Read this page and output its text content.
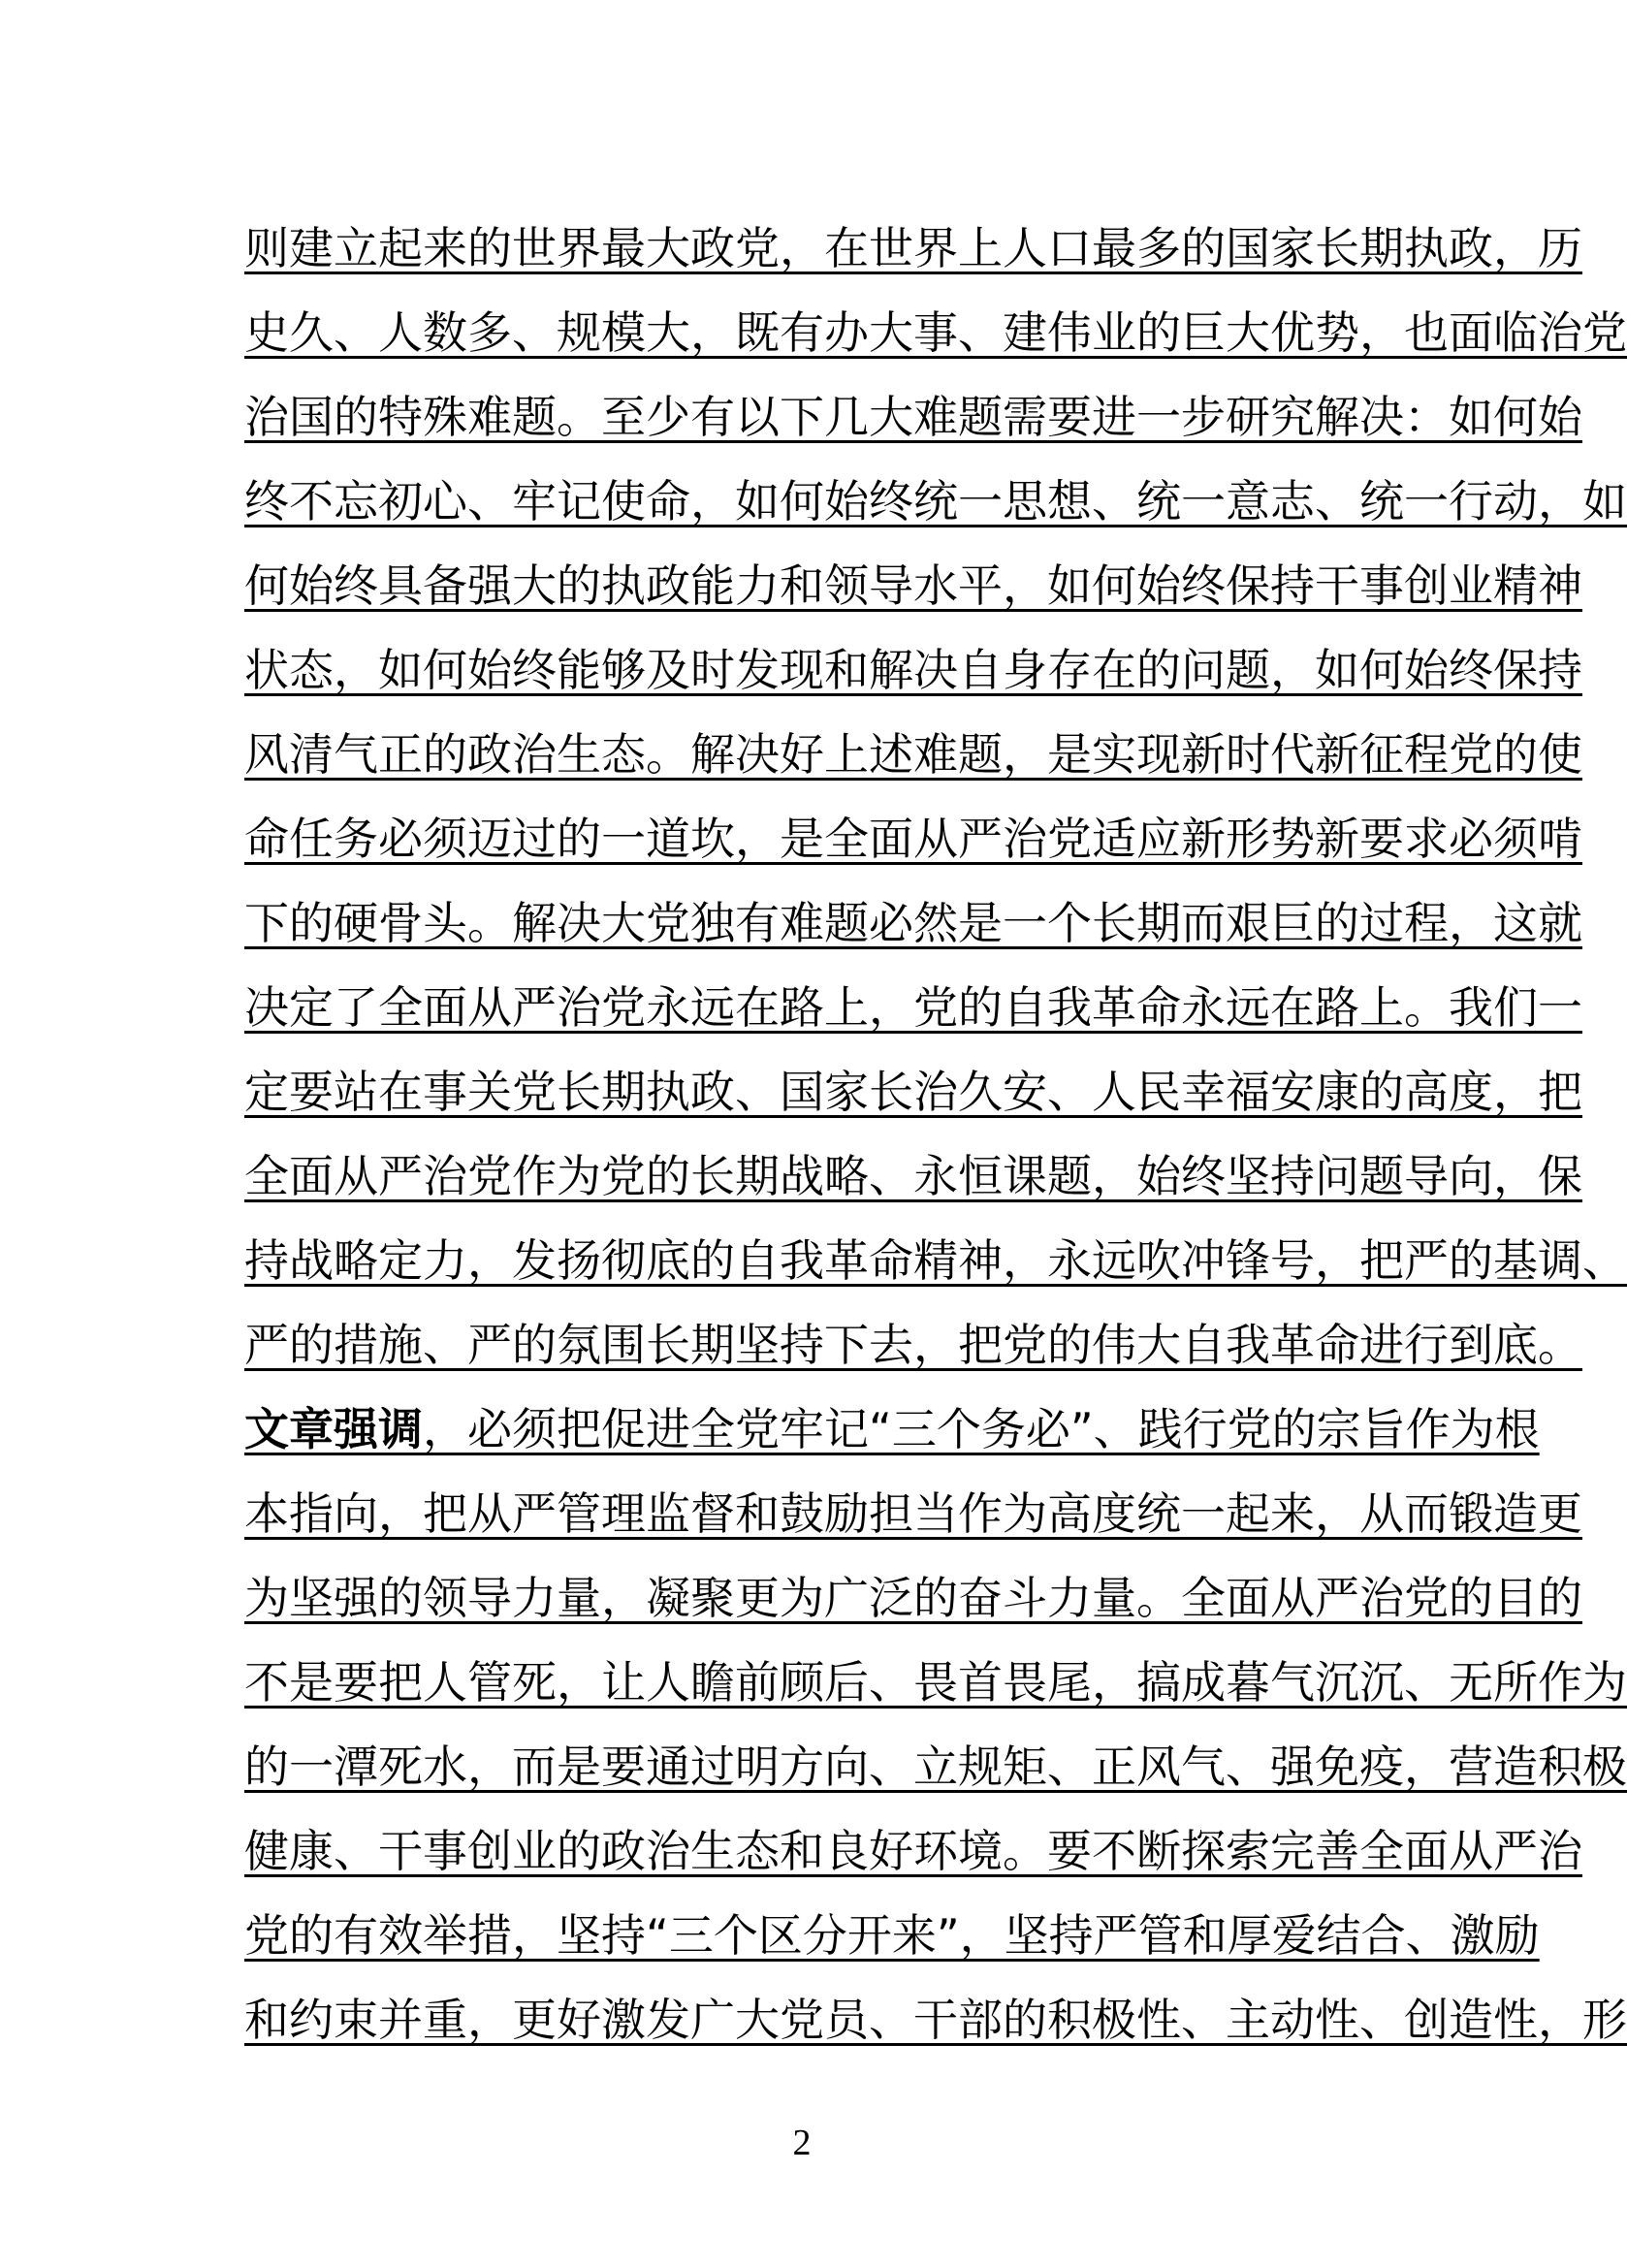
则建立起来的世界最大政党，在世界上人口最多的国家长期执政，历
史久、人数多、规模大，既有办大事、建伟业的巨大优势，也面临治党
治国的特殊难题。至少有以下几大难题需要进一步研究解决：如何始
终不忘初心、牢记使命，如何始终统一思想、统一意志、统一行动，如
何始终具备强大的执政能力和领导水平，如何始终保持干事创业精神
状态，如何始终能够及时发现和解决自身存在的问题，如何始终保持
风清气正的政治生态。解决好上述难题，是实现新时代新征程党的使
命任务必须迈过的一道坎，是全面从严治党适应新形势新要求必须啃
下的硬骨头。解决大党独有难题必然是一个长期而艰巨的过程，这就
决定了全面从严治党永远在路上，党的自我革命永远在路上。我们一
定要站在事关党长期执政、国家长治久安、人民幸福安康的高度，把
全面从严治党作为党的长期战略、永恒课题，始终坚持问题导向，保
持战略定力，发扬彻底的自我革命精神，永远吹冲锋号，把严的基调、
严的措施、严的氛围长期坚持下去，把党的伟大自我革命进行到底。
文章强调，必须把促进全党牢记“三个务必”、践行党的宗旨作为根
本指向，把从严管理监督和鼓励担当作为高度统一起来，从而锻造更
为坚强的领导力量，凝聚更为广泛的奋斗力量。全面从严治党的目的
不是要把人管死，让人瞻前顾后、畏首畏尾，搞成暮气沉沉、无所作为
的一潭死水，而是要通过明方向、立规矩、正风气、强免疫，营造积极
健康、干事创业的政治生态和良好环境。要不断探索完善全面从严治
党的有效举措，坚持“三个区分开来”，坚持严管和厚爱结合、激励
和约束并重，更好激发广大党员、干部的积极性、主动性、创造性，形
2
